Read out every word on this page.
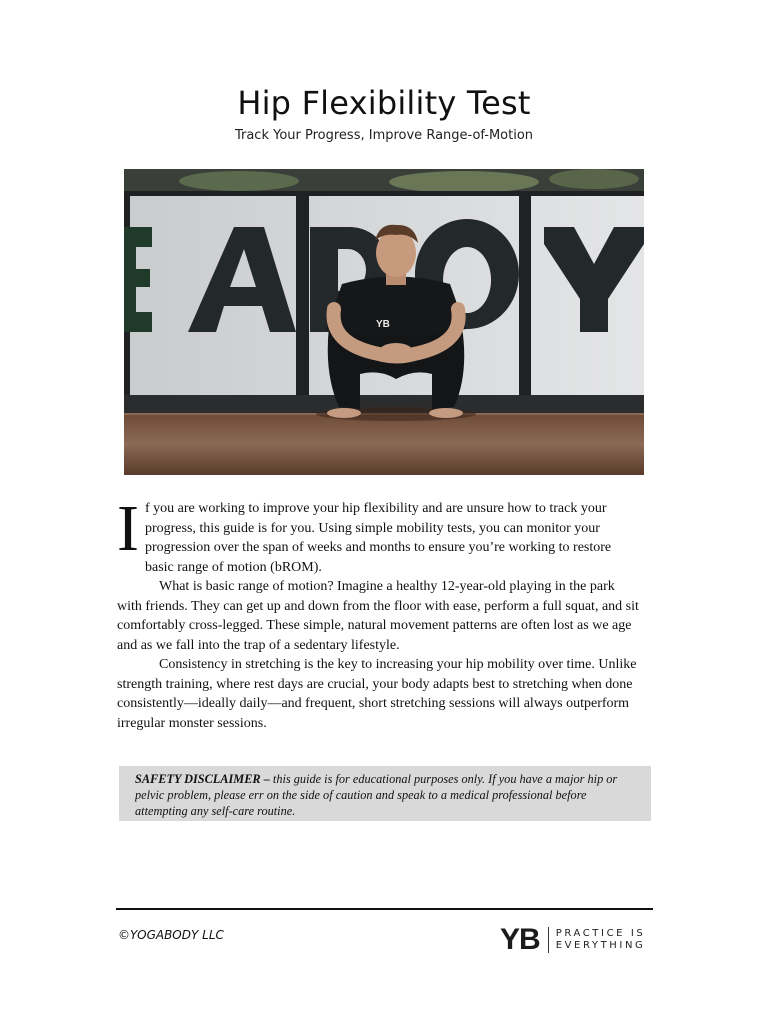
Hip Flexibility Test
Track Your Progress, Improve Range-of-Motion
YB

If you are working to improve your hip flexibility and are unsure how to track your progress, this guide is for you. Using simple mobility tests, you can monitor your progression over the span of weeks and months to ensure you’re working to restore basic range of motion (bROM).

What is basic range of motion? Imagine a healthy 12-year-old playing in the park with friends. They can get up and down from the floor with ease, perform a full squat, and sit comfortably cross-legged. These simple, natural movement patterns are often lost as we age and as we fall into the trap of a sedentary lifestyle.

Consistency in stretching is the key to increasing your hip mobility over time. Unlike strength training, where rest days are crucial, your body adapts best to stretching when done consistently—ideally daily—and frequent, short stretching sessions will always outperform irregular monster sessions.

SAFETY DISCLAIMER – this guide is for educational purposes only. If you have a major hip or pelvic problem, please err on the side of caution and speak to a medical professional before attempting any self-care routine.
©YOGABODY LLC	YB PRACTICE IS
EVERYTHING
